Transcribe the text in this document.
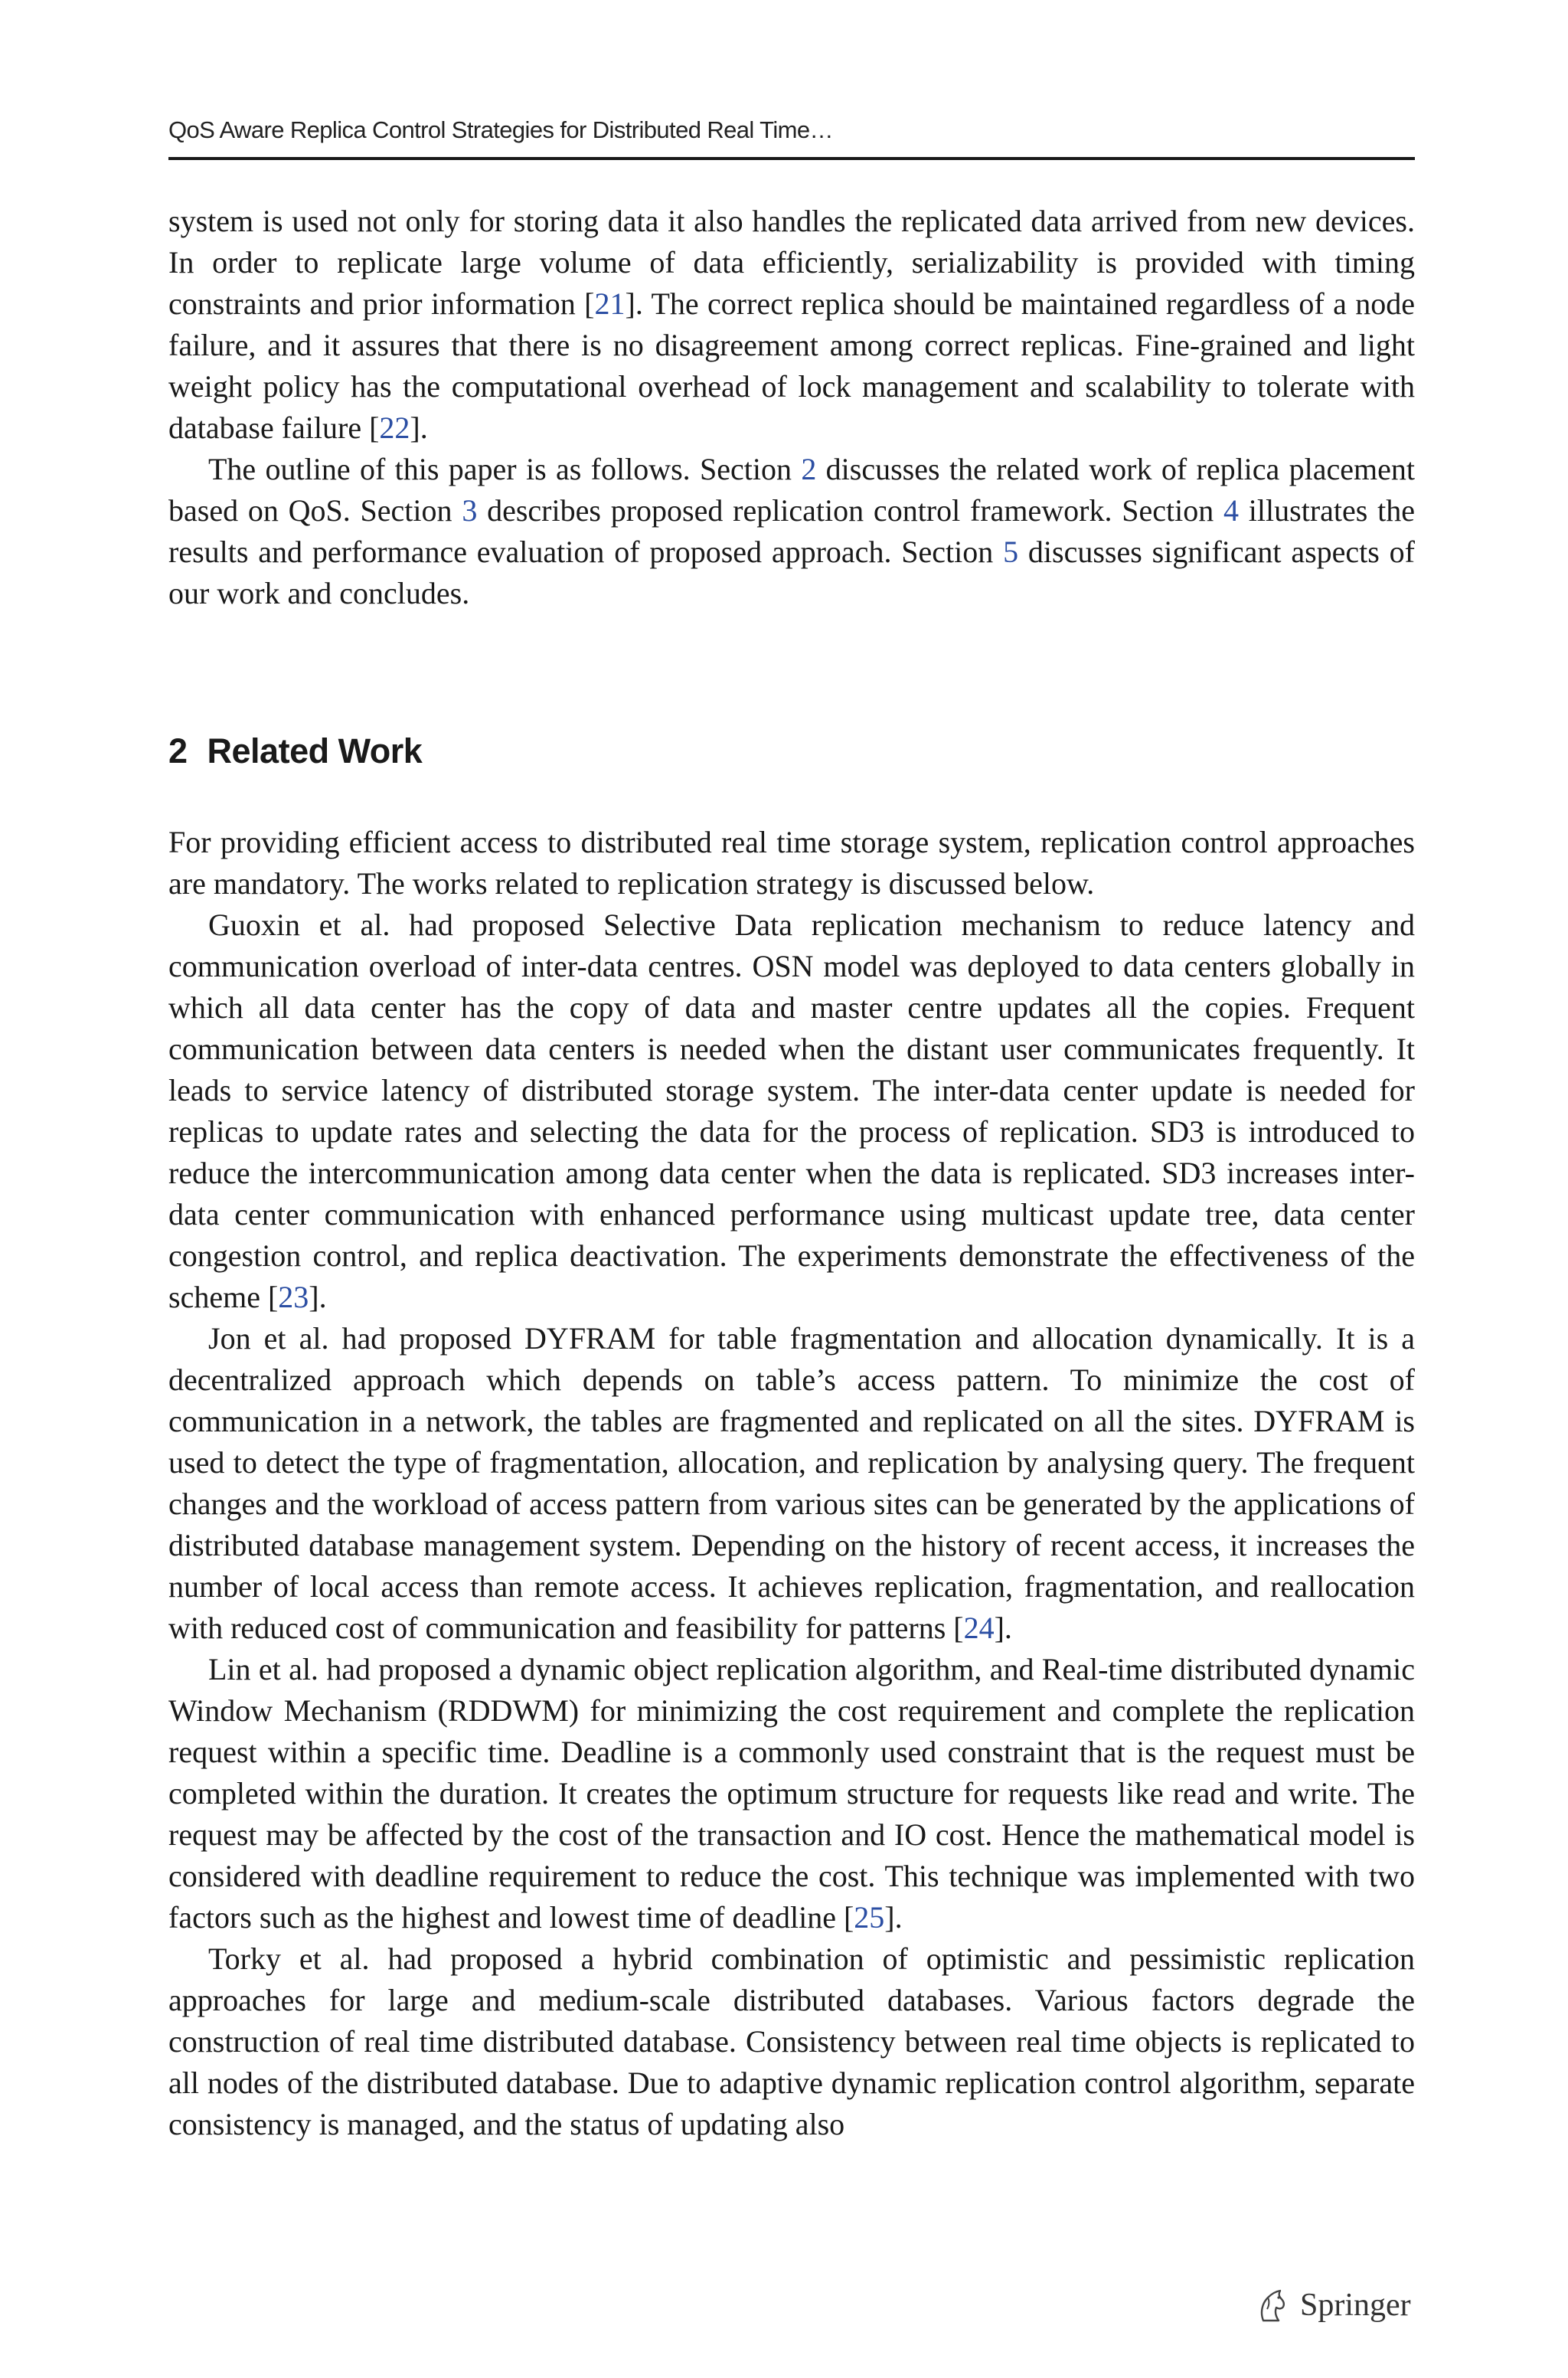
QoS Aware Replica Control Strategies for Distributed Real Time…

system is used not only for storing data it also handles the replicated data arrived from new devices. In order to replicate large volume of data efficiently, serializability is provided with timing constraints and prior information [21]. The correct replica should be maintained regardless of a node failure, and it assures that there is no disagreement among correct replicas. Fine-grained and light weight policy has the computational overhead of lock management and scalability to tolerate with database failure [22].

The outline of this paper is as follows. Section 2 discusses the related work of replica placement based on QoS. Section 3 describes proposed replication control framework. Section 4 illustrates the results and performance evaluation of proposed approach. Section 5 discusses significant aspects of our work and concludes.

2 Related Work

For providing efficient access to distributed real time storage system, replication control approaches are mandatory. The works related to replication strategy is discussed below.

Guoxin et al. had proposed Selective Data replication mechanism to reduce latency and communication overload of inter-data centres. OSN model was deployed to data centers globally in which all data center has the copy of data and master centre updates all the copies. Frequent communication between data centers is needed when the distant user communicates frequently. It leads to service latency of distributed storage system. The inter-data center update is needed for replicas to update rates and selecting the data for the process of replication. SD3 is introduced to reduce the intercommunication among data center when the data is replicated. SD3 increases inter-data center communication with enhanced performance using multicast update tree, data center congestion control, and replica deactivation. The experiments demonstrate the effectiveness of the scheme [23].

Jon et al. had proposed DYFRAM for table fragmentation and allocation dynamically. It is a decentralized approach which depends on table’s access pattern. To minimize the cost of communication in a network, the tables are fragmented and replicated on all the sites. DYFRAM is used to detect the type of fragmentation, allocation, and replication by analysing query. The frequent changes and the workload of access pattern from various sites can be generated by the applications of distributed database management system. Depending on the history of recent access, it increases the number of local access than remote access. It achieves replication, fragmentation, and reallocation with reduced cost of communication and feasibility for patterns [24].

Lin et al. had proposed a dynamic object replication algorithm, and Real-time distributed dynamic Window Mechanism (RDDWM) for minimizing the cost requirement and complete the replication request within a specific time. Deadline is a commonly used constraint that is the request must be completed within the duration. It creates the optimum structure for requests like read and write. The request may be affected by the cost of the transaction and IO cost. Hence the mathematical model is considered with deadline requirement to reduce the cost. This technique was implemented with two factors such as the highest and lowest time of deadline [25].

Torky et al. had proposed a hybrid combination of optimistic and pessimistic replication approaches for large and medium-scale distributed databases. Various factors degrade the construction of real time distributed database. Consistency between real time objects is replicated to all nodes of the distributed database. Due to adaptive dynamic replication control algorithm, separate consistency is managed, and the status of updating also

Springer
